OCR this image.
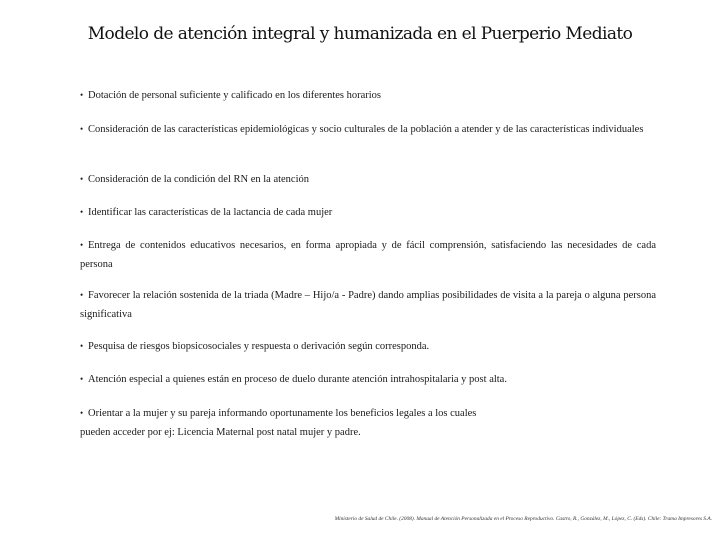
Modelo de atención integral y humanizada en el Puerperio Mediato
• Dotación de personal suficiente y calificado en los diferentes horarios
• Consideración de las características epidemiológicas y socio culturales de la población a atender y de las características individuales
• Consideración de la condición del RN en la atención
• Identificar las características de la lactancia de cada mujer
• Entrega de contenidos educativos necesarios, en forma apropiada y de fácil comprensión, satisfaciendo las necesidades de cada persona
• Favorecer la relación sostenida de la triada (Madre – Hijo/a - Padre) dando amplias posibilidades de visita a la pareja o alguna persona significativa
• Pesquisa de riesgos biopsicosociales y respuesta o derivación según corresponda.
• Atención especial a quienes están en proceso de duelo durante atención intrahospitalaria y post alta.
• Orientar a la mujer y su pareja informando oportunamente los beneficios legales a los cuales pueden acceder por ej: Licencia Maternal post natal mujer y padre.
Ministerio de Salud de Chile. (2008). Manual de Atención Personalizada en el Proceso Reproductivo. Castro, R., González, M., López, C. (Eds). Chile: Trama Impresores S.A.
